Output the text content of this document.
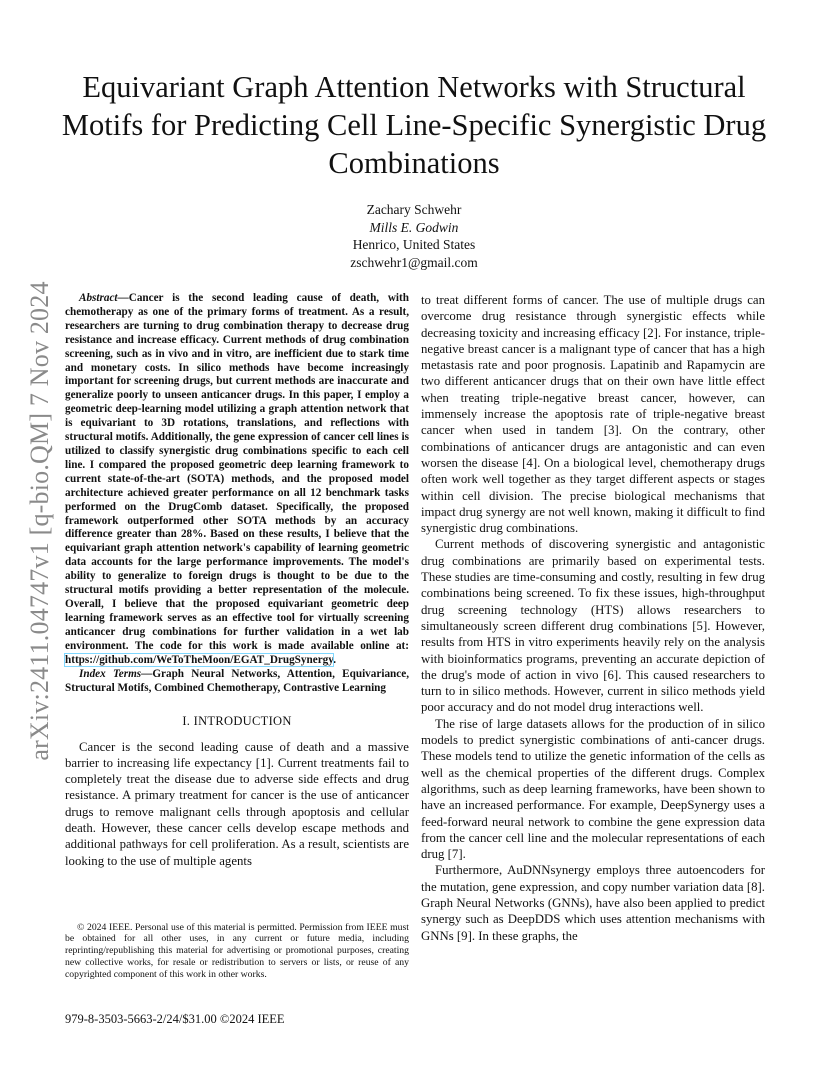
arXiv:2411.04747v1 [q-bio.QM] 7 Nov 2024
Equivariant Graph Attention Networks with Structural Motifs for Predicting Cell Line-Specific Synergistic Drug Combinations
Zachary Schwehr
Mills E. Godwin
Henrico, United States
zschwehr1@gmail.com

Abstract—Cancer is the second leading cause of death, with chemotherapy as one of the primary forms of treatment. As a result, researchers are turning to drug combination therapy to decrease drug resistance and increase efficacy. Current methods of drug combination screening, such as in vivo and in vitro, are inefficient due to stark time and monetary costs. In silico methods have become increasingly important for screening drugs, but current methods are inaccurate and generalize poorly to unseen anticancer drugs. In this paper, I employ a geometric deep-learning model utilizing a graph attention network that is equivariant to 3D rotations, translations, and reflections with structural motifs. Additionally, the gene expression of cancer cell lines is utilized to classify synergistic drug combinations specific to each cell line. I compared the proposed geometric deep learning framework to current state-of-the-art (SOTA) methods, and the proposed model architecture achieved greater performance on all 12 benchmark tasks performed on the DrugComb dataset. Specifically, the proposed framework outperformed other SOTA methods by an accuracy difference greater than 28%. Based on these results, I believe that the equivariant graph attention network's capability of learning geometric data accounts for the large performance improvements. The model's ability to generalize to foreign drugs is thought to be due to the structural motifs providing a better representation of the molecule. Overall, I believe that the proposed equivariant geometric deep learning framework serves as an effective tool for virtually screening anticancer drug combinations for further validation in a wet lab environment. The code for this work is made available online at: https://github.com/WeToTheMoon/EGAT_DrugSynergy.

Index Terms—Graph Neural Networks, Attention, Equivariance, Structural Motifs, Combined Chemotherapy, Contrastive Learning

I. INTRODUCTION

Cancer is the second leading cause of death and a massive barrier to increasing life expectancy [1]. Current treatments fail to completely treat the disease due to adverse side effects and drug resistance. A primary treatment for cancer is the use of anticancer drugs to remove malignant cells through apoptosis and cellular death. However, these cancer cells develop escape methods and additional pathways for cell proliferation. As a result, scientists are looking to the use of multiple agents

to treat different forms of cancer. The use of multiple drugs can overcome drug resistance through synergistic effects while decreasing toxicity and increasing efficacy [2]. For instance, triple-negative breast cancer is a malignant type of cancer that has a high metastasis rate and poor prognosis. Lapatinib and Rapamycin are two different anticancer drugs that on their own have little effect when treating triple-negative breast cancer, however, can immensely increase the apoptosis rate of triple-negative breast cancer when used in tandem [3]. On the contrary, other combinations of anticancer drugs are antagonistic and can even worsen the disease [4]. On a biological level, chemotherapy drugs often work well together as they target different aspects or stages within cell division. The precise biological mechanisms that impact drug synergy are not well known, making it difficult to find synergistic drug combinations.

Current methods of discovering synergistic and antagonistic drug combinations are primarily based on experimental tests. These studies are time-consuming and costly, resulting in few drug combinations being screened. To fix these issues, high-throughput drug screening technology (HTS) allows researchers to simultaneously screen different drug combinations [5]. However, results from HTS in vitro experiments heavily rely on the analysis with bioinformatics programs, preventing an accurate depiction of the drug's mode of action in vivo [6]. This caused researchers to turn to in silico methods. However, current in silico methods yield poor accuracy and do not model drug interactions well.

The rise of large datasets allows for the production of in silico models to predict synergistic combinations of anti-cancer drugs. These models tend to utilize the genetic information of the cells as well as the chemical properties of the different drugs. Complex algorithms, such as deep learning frameworks, have been shown to have an increased performance. For example, DeepSynergy uses a feed-forward neural network to combine the gene expression data from the cancer cell line and the molecular representations of each drug [7].

Furthermore, AuDNNsynergy employs three autoencoders for the mutation, gene expression, and copy number variation data [8]. Graph Neural Networks (GNNs), have also been applied to predict synergy such as DeepDDS which uses attention mechanisms with GNNs [9]. In these graphs, the

© 2024 IEEE. Personal use of this material is permitted. Permission from IEEE must be obtained for all other uses, in any current or future media, including reprinting/republishing this material for advertising or promotional purposes, creating new collective works, for resale or redistribution to servers or lists, or reuse of any copyrighted component of this work in other works.

979-8-3503-5663-2/24/$31.00 ©2024 IEEE
